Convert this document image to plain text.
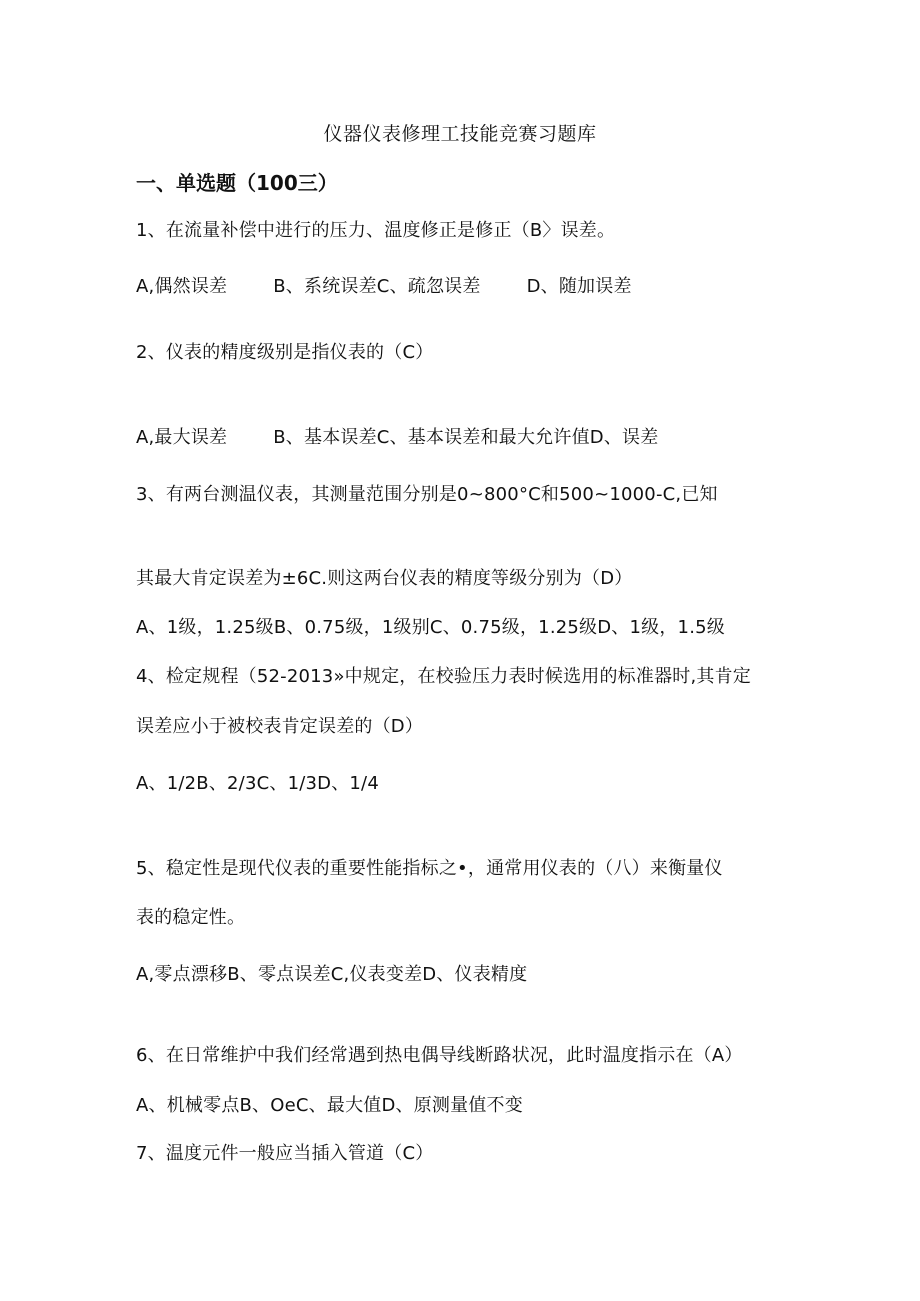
仪器仪表修理工技能竞赛习题库
一、单选题（100三）
1、在流量补偿中进行的压力、温度修正是修正（B〉误差。
A,偶然误差	B、系统误差C、疏忽误差	D、随加误差
2、仪表的精度级别是指仪表的（C）
A,最大误差	B、基本误差C、基本误差和最大允许值D、误差
3、有两台测温仪表，其测量范围分别是0~800°C和500~1000-C,已知
其最大肯定误差为±6C.则这两台仪表的精度等级分别为（D）
A、1级，1.25级B、0.75级，1级别C、0.75级，1.25级D、1级，1.5级
4、检定规程（52-2013»中规定，在校验压力表时候选用的标准器时,其肯定
误差应小于被校表肯定误差的（D）
A、1/2B、2/3C、1/3D、1/4
5、稳定性是现代仪表的重要性能指标之•，通常用仪表的（八）来衡量仪
表的稳定性。
A,零点漂移B、零点误差C,仪表变差D、仪表精度
6、在日常维护中我们经常遇到热电偶导线断路状况，此时温度指示在（A）
A、机械零点B、OeC、最大值D、原测量值不变
7、温度元件一般应当插入管道（C）
